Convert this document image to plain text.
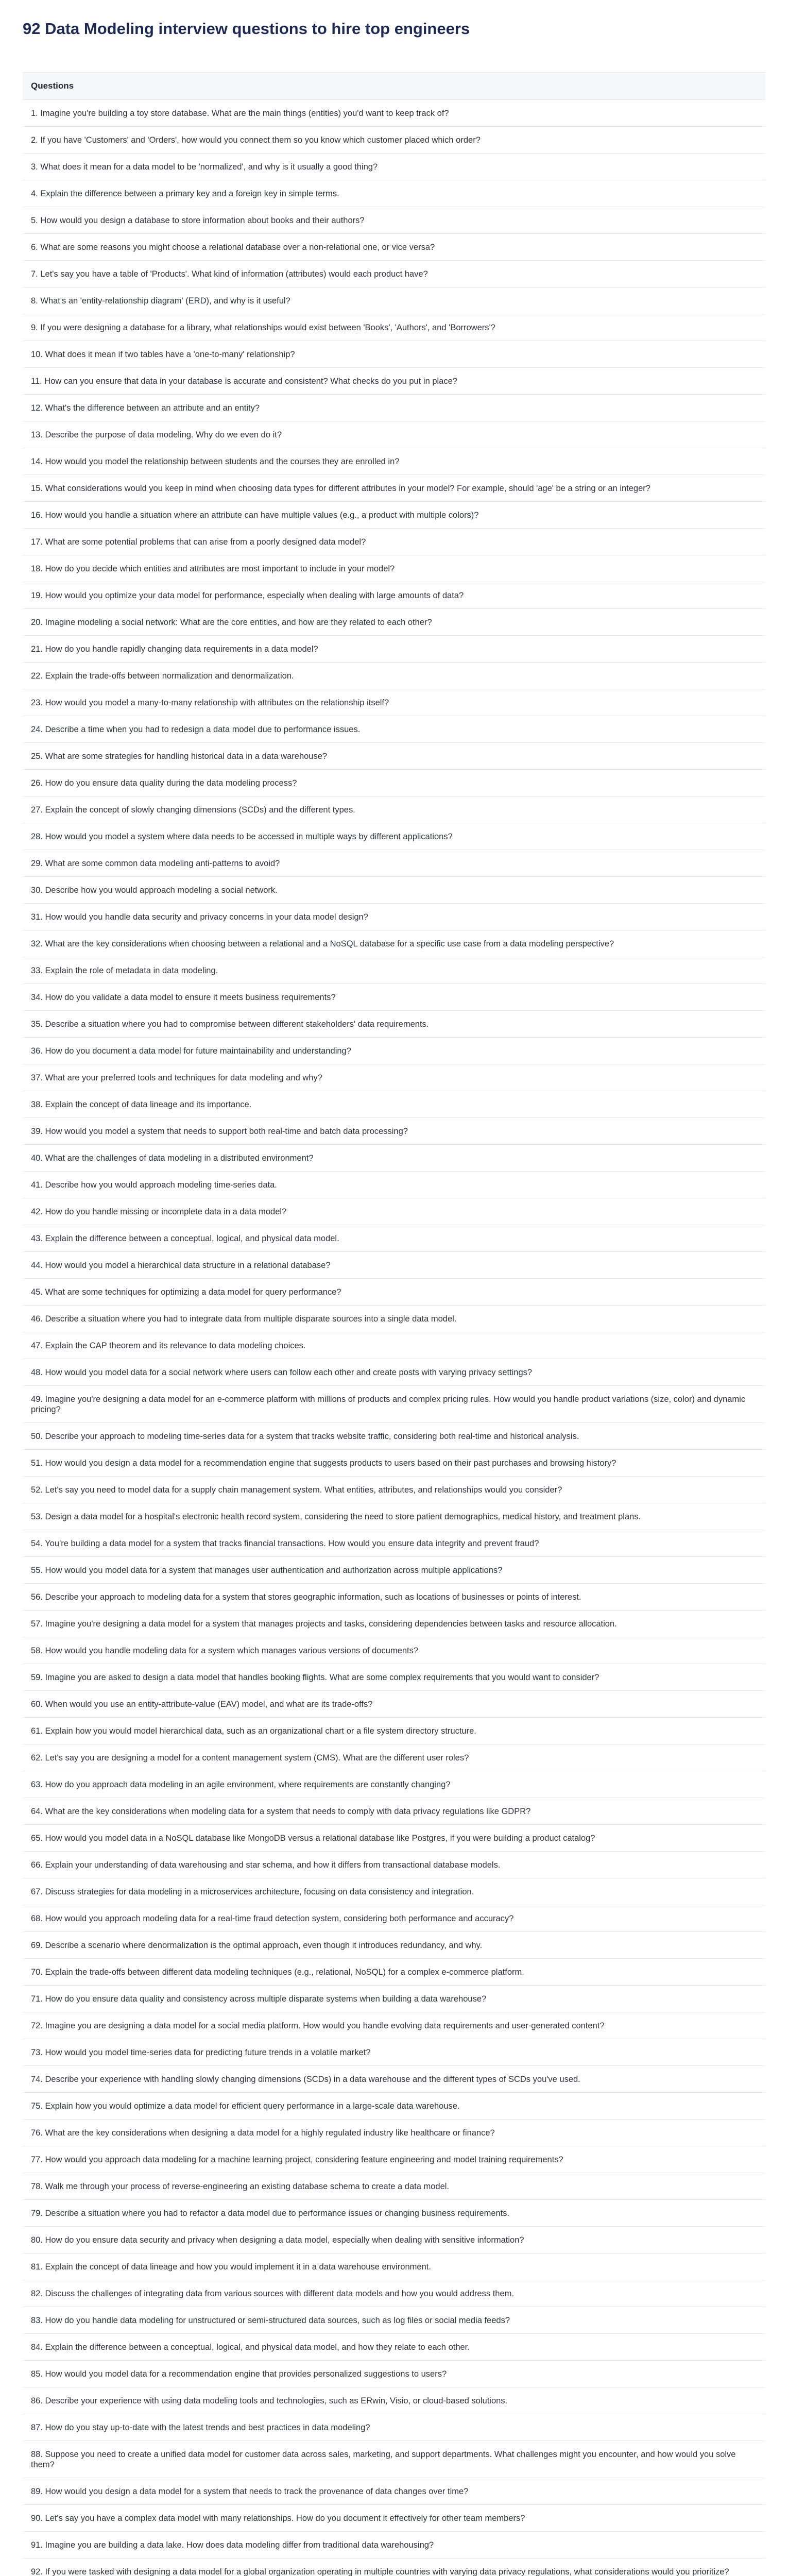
92 Data Modeling interview questions to hire top engineers
Questions
1. Imagine you're building a toy store database. What are the main things (entities) you'd want to keep track of?
2. If you have 'Customers' and 'Orders', how would you connect them so you know which customer placed which order?
3. What does it mean for a data model to be 'normalized', and why is it usually a good thing?
4. Explain the difference between a primary key and a foreign key in simple terms.
5. How would you design a database to store information about books and their authors?
6. What are some reasons you might choose a relational database over a non-relational one, or vice versa?
7. Let's say you have a table of 'Products'. What kind of information (attributes) would each product have?
8. What's an 'entity-relationship diagram' (ERD), and why is it useful?
9. If you were designing a database for a library, what relationships would exist between 'Books', 'Authors', and 'Borrowers'?
10. What does it mean if two tables have a 'one-to-many' relationship?
11. How can you ensure that data in your database is accurate and consistent? What checks do you put in place?
12. What's the difference between an attribute and an entity?
13. Describe the purpose of data modeling. Why do we even do it?
14. How would you model the relationship between students and the courses they are enrolled in?
15. What considerations would you keep in mind when choosing data types for different attributes in your model? For example, should 'age' be a string or an integer?
16. How would you handle a situation where an attribute can have multiple values (e.g., a product with multiple colors)?
17. What are some potential problems that can arise from a poorly designed data model?
18. How do you decide which entities and attributes are most important to include in your model?
19. How would you optimize your data model for performance, especially when dealing with large amounts of data?
20. Imagine modeling a social network: What are the core entities, and how are they related to each other?
21. How do you handle rapidly changing data requirements in a data model?
22. Explain the trade-offs between normalization and denormalization.
23. How would you model a many-to-many relationship with attributes on the relationship itself?
24. Describe a time when you had to redesign a data model due to performance issues.
25. What are some strategies for handling historical data in a data warehouse?
26. How do you ensure data quality during the data modeling process?
27. Explain the concept of slowly changing dimensions (SCDs) and the different types.
28. How would you model a system where data needs to be accessed in multiple ways by different applications?
29. What are some common data modeling anti-patterns to avoid?
30. Describe how you would approach modeling a social network.
31. How would you handle data security and privacy concerns in your data model design?
32. What are the key considerations when choosing between a relational and a NoSQL database for a specific use case from a data modeling perspective?
33. Explain the role of metadata in data modeling.
34. How do you validate a data model to ensure it meets business requirements?
35. Describe a situation where you had to compromise between different stakeholders' data requirements.
36. How do you document a data model for future maintainability and understanding?
37. What are your preferred tools and techniques for data modeling and why?
38. Explain the concept of data lineage and its importance.
39. How would you model a system that needs to support both real-time and batch data processing?
40. What are the challenges of data modeling in a distributed environment?
41. Describe how you would approach modeling time-series data.
42. How do you handle missing or incomplete data in a data model?
43. Explain the difference between a conceptual, logical, and physical data model.
44. How would you model a hierarchical data structure in a relational database?
45. What are some techniques for optimizing a data model for query performance?
46. Describe a situation where you had to integrate data from multiple disparate sources into a single data model.
47. Explain the CAP theorem and its relevance to data modeling choices.
48. How would you model data for a social network where users can follow each other and create posts with varying privacy settings?
49. Imagine you're designing a data model for an e-commerce platform with millions of products and complex pricing rules. How would you handle product variations (size, color) and dynamic pricing?
50. Describe your approach to modeling time-series data for a system that tracks website traffic, considering both real-time and historical analysis.
51. How would you design a data model for a recommendation engine that suggests products to users based on their past purchases and browsing history?
52. Let's say you need to model data for a supply chain management system. What entities, attributes, and relationships would you consider?
53. Design a data model for a hospital's electronic health record system, considering the need to store patient demographics, medical history, and treatment plans.
54. You're building a data model for a system that tracks financial transactions. How would you ensure data integrity and prevent fraud?
55. How would you model data for a system that manages user authentication and authorization across multiple applications?
56. Describe your approach to modeling data for a system that stores geographic information, such as locations of businesses or points of interest.
57. Imagine you're designing a data model for a system that manages projects and tasks, considering dependencies between tasks and resource allocation.
58. How would you handle modeling data for a system which manages various versions of documents?
59. Imagine you are asked to design a data model that handles booking flights. What are some complex requirements that you would want to consider?
60. When would you use an entity-attribute-value (EAV) model, and what are its trade-offs?
61. Explain how you would model hierarchical data, such as an organizational chart or a file system directory structure.
62. Let's say you are designing a model for a content management system (CMS). What are the different user roles?
63. How do you approach data modeling in an agile environment, where requirements are constantly changing?
64. What are the key considerations when modeling data for a system that needs to comply with data privacy regulations like GDPR?
65. How would you model data in a NoSQL database like MongoDB versus a relational database like Postgres, if you were building a product catalog?
66. Explain your understanding of data warehousing and star schema, and how it differs from transactional database models.
67. Discuss strategies for data modeling in a microservices architecture, focusing on data consistency and integration.
68. How would you approach modeling data for a real-time fraud detection system, considering both performance and accuracy?
69. Describe a scenario where denormalization is the optimal approach, even though it introduces redundancy, and why.
70. Explain the trade-offs between different data modeling techniques (e.g., relational, NoSQL) for a complex e-commerce platform.
71. How do you ensure data quality and consistency across multiple disparate systems when building a data warehouse?
72. Imagine you are designing a data model for a social media platform. How would you handle evolving data requirements and user-generated content?
73. How would you model time-series data for predicting future trends in a volatile market?
74. Describe your experience with handling slowly changing dimensions (SCDs) in a data warehouse and the different types of SCDs you've used.
75. Explain how you would optimize a data model for efficient query performance in a large-scale data warehouse.
76. What are the key considerations when designing a data model for a highly regulated industry like healthcare or finance?
77. How would you approach data modeling for a machine learning project, considering feature engineering and model training requirements?
78. Walk me through your process of reverse-engineering an existing database schema to create a data model.
79. Describe a situation where you had to refactor a data model due to performance issues or changing business requirements.
80. How do you ensure data security and privacy when designing a data model, especially when dealing with sensitive information?
81. Explain the concept of data lineage and how you would implement it in a data warehouse environment.
82. Discuss the challenges of integrating data from various sources with different data models and how you would address them.
83. How do you handle data modeling for unstructured or semi-structured data sources, such as log files or social media feeds?
84. Explain the difference between a conceptual, logical, and physical data model, and how they relate to each other.
85. How would you model data for a recommendation engine that provides personalized suggestions to users?
86. Describe your experience with using data modeling tools and technologies, such as ERwin, Visio, or cloud-based solutions.
87. How do you stay up-to-date with the latest trends and best practices in data modeling?
88. Suppose you need to create a unified data model for customer data across sales, marketing, and support departments. What challenges might you encounter, and how would you solve them?
89. How would you design a data model for a system that needs to track the provenance of data changes over time?
90. Let's say you have a complex data model with many relationships. How do you document it effectively for other team members?
91. Imagine you are building a data lake. How does data modeling differ from traditional data warehousing?
92. If you were tasked with designing a data model for a global organization operating in multiple countries with varying data privacy regulations, what considerations would you prioritize?
